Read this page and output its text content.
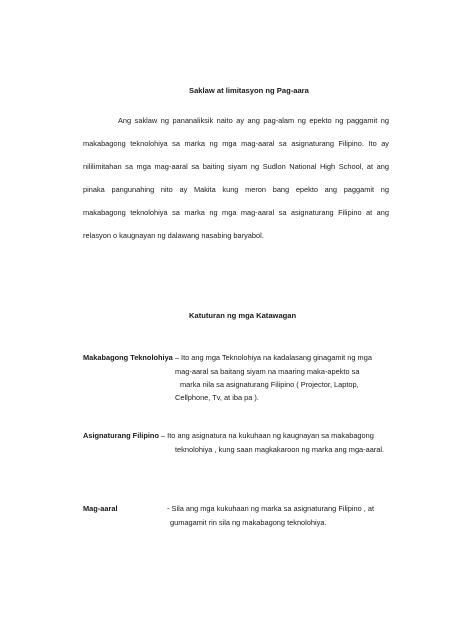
Saklaw at limitasyon ng Pag-aara
Ang saklaw ng pananaliksik naito ay ang pag-alam ng epekto ng paggamit ng
makabagong teknolohiya sa marka ng mga mag-aaral sa asignaturang Filipino. Ito ay
nililimitahan sa mga mag-aaral sa baiting siyam ng Sudlon National High School, at ang
pinaka pangunahing nito ay Makita kung meron bang epekto ang paggamit ng
makabagong teknolohiya sa marka ng mga mag-aaral sa asignaturang Filipino at ang
relasyon o kaugnayan ng dalawang nasabing baryabol.
Katuturan ng mga Katawagan
Makabagong Teknolohiya – Ito ang mga Teknolohiya na kadalasang ginagamit ng mga
mag-aaral sa baitang siyam na maaring maka-apekto sa
marka nila sa asignaturang Filipino ( Projector, Laptop,
Cellphone, Tv, at iba pa ).
Asignaturang Filipino – Ito ang asignatura na kukuhaan ng kaugnayan sa makabagong
teknolohiya , kung saan magkakaroon ng marka ang mga-aaral.
Mag-aaral	- Sila ang mga kukuhaan ng marka sa asignaturang Filipino , at
gumagamit rin sila ng makabagong teknolohiya.
